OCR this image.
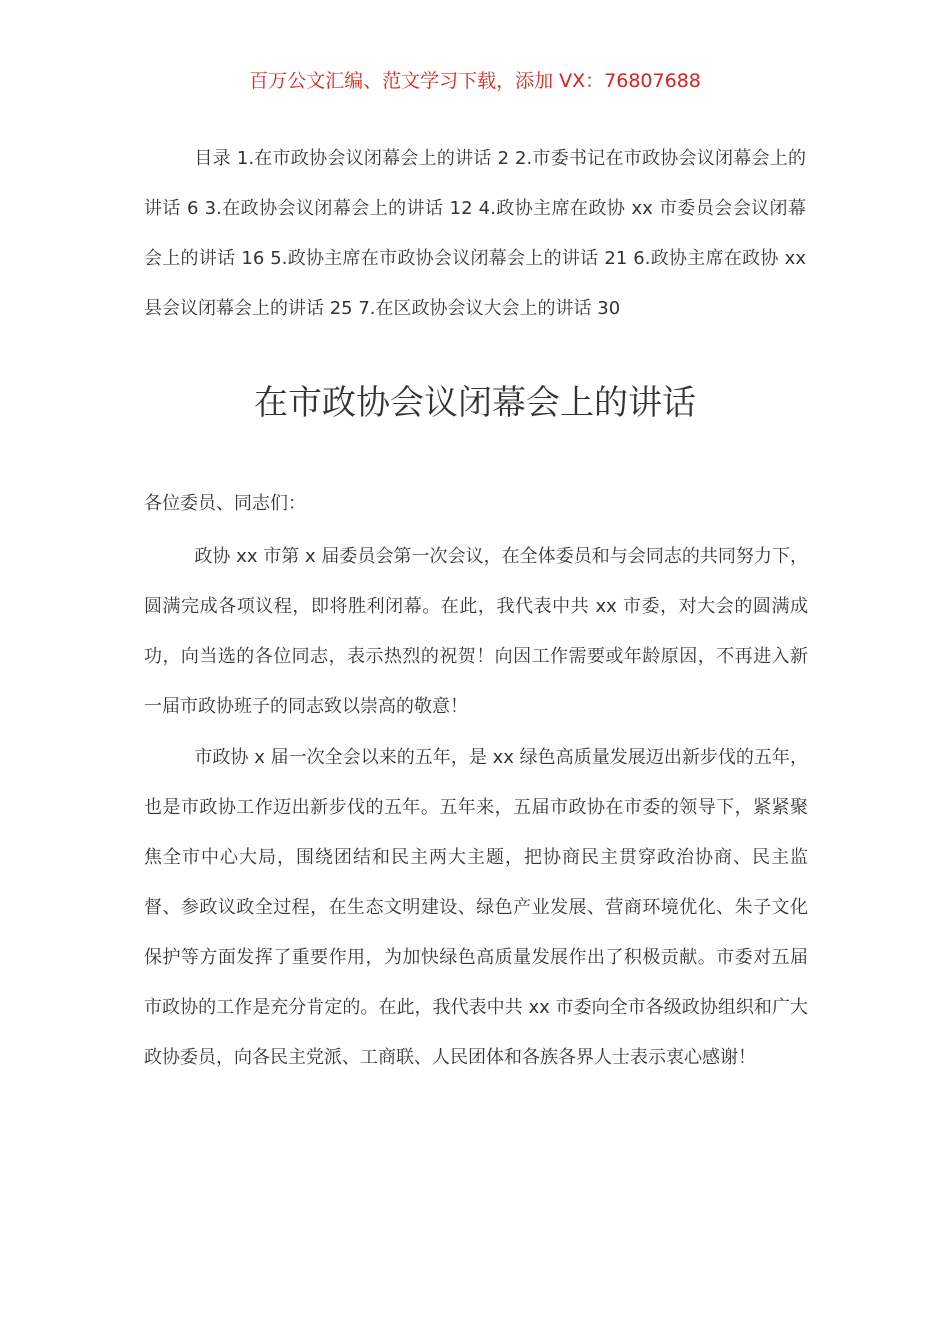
百万公文汇编、范文学习下载，添加 VX：76807688
目录 1.在市政协会议闭幕会上的讲话 2 2.市委书记在市政协会议闭幕会上的讲话 6 3.在政协会议闭幕会上的讲话 12 4.政协主席在政协 xx 市委员会会议闭幕会上的讲话 16 5.政协主席在市政协会议闭幕会上的讲话 21 6.政协主席在政协 xx 县会议闭幕会上的讲话 25 7.在区政协会议大会上的讲话 30
在市政协会议闭幕会上的讲话
各位委员、同志们：
政协 xx 市第 x 届委员会第一次会议，在全体委员和与会同志的共同努力下，圆满完成各项议程，即将胜利闭幕。在此，我代表中共 xx 市委，对大会的圆满成功，向当选的各位同志，表示热烈的祝贺！向因工作需要或年龄原因，不再进入新一届市政协班子的同志致以崇高的敬意！
市政协 x 届一次全会以来的五年，是 xx 绿色高质量发展迈出新步伐的五年，也是市政协工作迈出新步伐的五年。五年来，五届市政协在市委的领导下，紧紧聚焦全市中心大局，围绕团结和民主两大主题，把协商民主贯穿政治协商、民主监督、参政议政全过程，在生态文明建设、绿色产业发展、营商环境优化、朱子文化保护等方面发挥了重要作用，为加快绿色高质量发展作出了积极贡献。市委对五届市政协的工作是充分肯定的。在此，我代表中共 xx 市委向全市各级政协组织和广大政协委员，向各民主党派、工商联、人民团体和各族各界人士表示衷心感谢！
